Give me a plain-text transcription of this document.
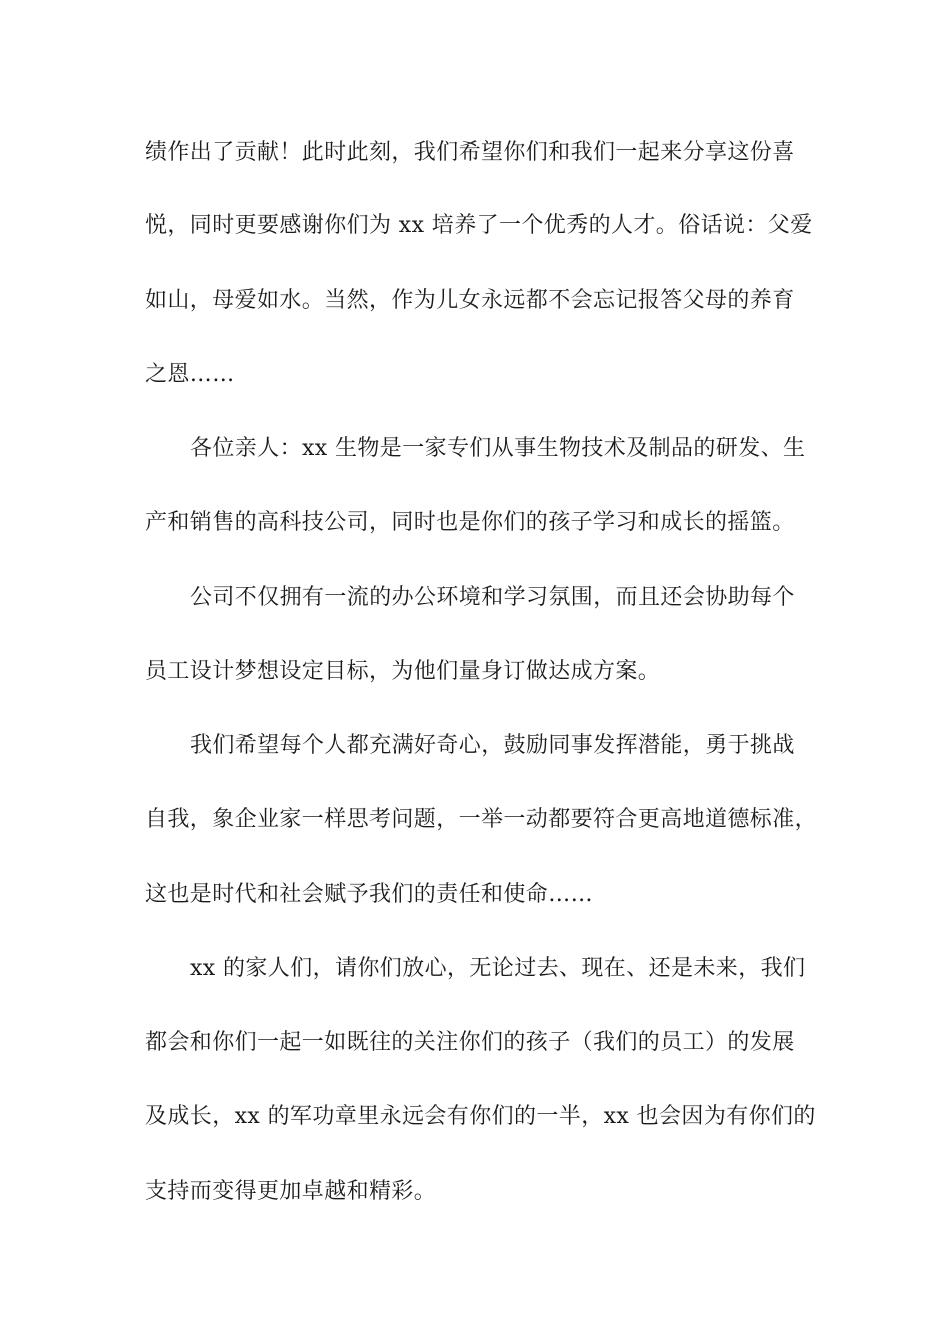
绩作出了贡献！此时此刻，我们希望你们和我们一起来分享这份喜
悦，同时更要感谢你们为 xx 培养了一个优秀的人才。俗话说：父爱
如山，母爱如水。当然，作为儿女永远都不会忘记报答父母的养育
之恩……
各位亲人：xx 生物是一家专们从事生物技术及制品的研发、生
产和销售的高科技公司，同时也是你们的孩子学习和成长的摇篮。
公司不仅拥有一流的办公环境和学习氛围，而且还会协助每个
员工设计梦想设定目标，为他们量身订做达成方案。
我们希望每个人都充满好奇心，鼓励同事发挥潜能，勇于挑战
自我，象企业家一样思考问题，一举一动都要符合更高地道德标准，
这也是时代和社会赋予我们的责任和使命……
xx 的家人们，请你们放心，无论过去、现在、还是未来，我们
都会和你们一起一如既往的关注你们的孩子（我们的员工）的发展
及成长，xx 的军功章里永远会有你们的一半，xx 也会因为有你们的
支持而变得更加卓越和精彩。
